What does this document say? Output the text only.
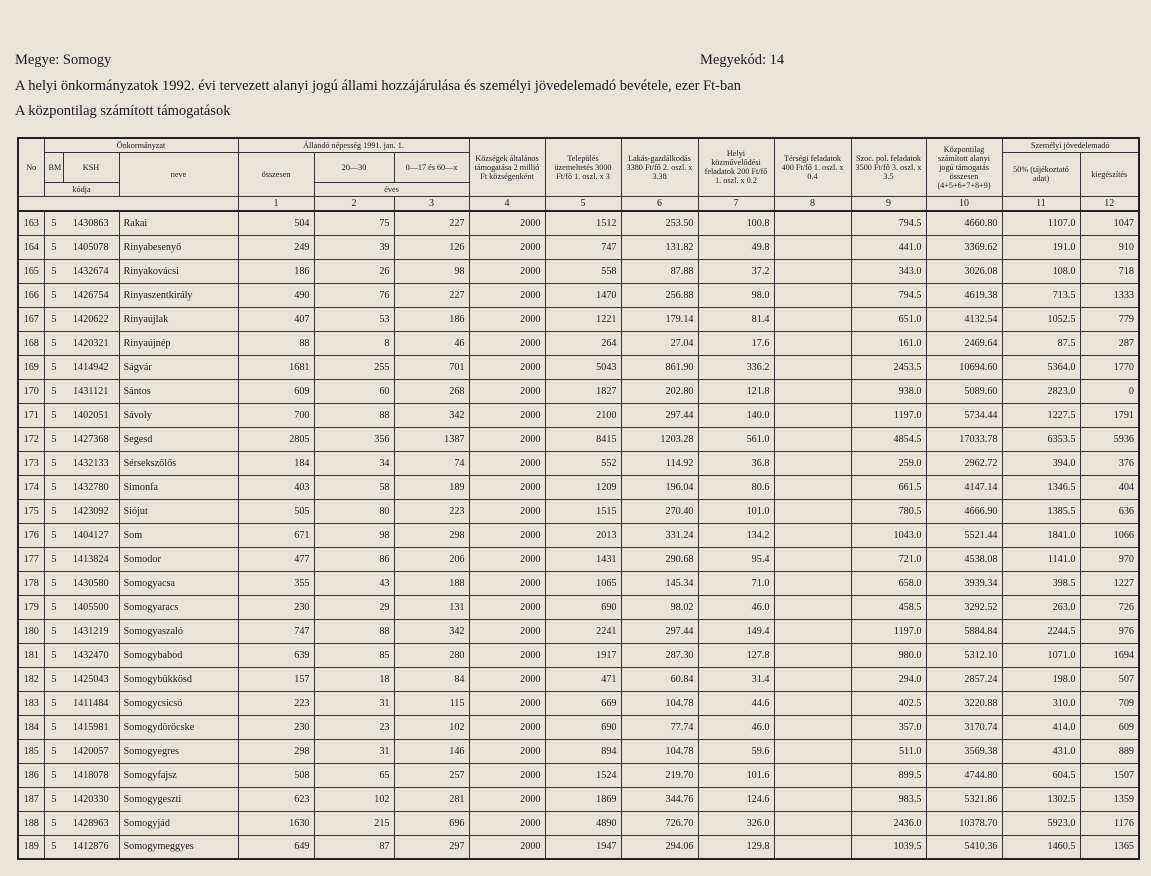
Megye: Somogy	Megyekód: 14
A helyi önkormányzatok 1992. évi tervezett alanyi jogú állami hozzájárulása és személyi jövedelemadó bevétele, ezer Ft-ban
A központilag számított támogatások
No	Önkormányzat			Állandó népesség 1991. jan. 1.			Községek általános támogatása 2 millió Ft községenként	Település üzemeltetés 3000 Ft/fő 1. oszl. x 3	Lakás-gazdálkodás 3380 Ft/fő 2. oszl. x 3.38	Helyi közművelődési feladatok 200 Ft/fő 1. oszl. x 0.2	Térségi feladatok 400 Ft/fő 1. oszl. x 0.4	Szoc. pol. feladatok 3500 Ft/fő 3. oszl. x 3.5	Központilag számított alanyi jogú támogatás összesen (4+5+6+7+8+9)	Személyi jövedelemadó	
	BM	KSH	neve	összesen	20—30	0—17 és 60—x								50% (tájékoztató adat)	kiegészítés
	kódja				éves										
				1	2	3	4	5	6	7	8	9	10	11	12
163	5	1430863	Rakai	504	75	227	2000	1512	253.50	100.8		794.5	4660.80	1107.0	1047
164	5	1405078	Rinyabesenyő	249	39	126	2000	747	131.82	49.8		441.0	3369.62	191.0	910
165	5	1432674	Rinyakovácsi	186	26	98	2000	558	87.88	37.2		343.0	3026.08	108.0	718
166	5	1426754	Rinyaszentkirály	490	76	227	2000	1470	256.88	98.0		794.5	4619.38	713.5	1333
167	5	1420622	Rinyaújlak	407	53	186	2000	1221	179.14	81.4		651.0	4132.54	1052.5	779
168	5	1420321	Rinyaújnép	88	8	46	2000	264	27.04	17.6		161.0	2469.64	87.5	287
169	5	1414942	Ságvár	1681	255	701	2000	5043	861.90	336.2		2453.5	10694.60	5364.0	1770
170	5	1431121	Sántos	609	60	268	2000	1827	202.80	121.8		938.0	5089.60	2823.0	0
171	5	1402051	Sávoly	700	88	342	2000	2100	297.44	140.0		1197.0	5734.44	1227.5	1791
172	5	1427368	Segesd	2805	356	1387	2000	8415	1203.28	561.0		4854.5	17033.78	6353.5	5936
173	5	1432133	Sérsekszőlős	184	34	74	2000	552	114.92	36.8		259.0	2962.72	394.0	376
174	5	1432780	Simonfa	403	58	189	2000	1209	196.04	80.6		661.5	4147.14	1346.5	404
175	5	1423092	Siójut	505	80	223	2000	1515	270.40	101.0		780.5	4666.90	1385.5	636
176	5	1404127	Som	671	98	298	2000	2013	331.24	134.2		1043.0	5521.44	1841.0	1066
177	5	1413824	Somodor	477	86	206	2000	1431	290.68	95.4		721.0	4538.08	1141.0	970
178	5	1430580	Somogyacsa	355	43	188	2000	1065	145.34	71.0		658.0	3939.34	398.5	1227
179	5	1405500	Somogyaracs	230	29	131	2000	690	98.02	46.0		458.5	3292.52	263.0	726
180	5	1431219	Somogyaszaló	747	88	342	2000	2241	297.44	149.4		1197.0	5884.84	2244.5	976
181	5	1432470	Somogybabod	639	85	280	2000	1917	287.30	127.8		980.0	5312.10	1071.0	1694
182	5	1425043	Somogybükkösd	157	18	84	2000	471	60.84	31.4		294.0	2857.24	198.0	507
183	5	1411484	Somogycsicsó	223	31	115	2000	669	104.78	44.6		402.5	3220.88	310.0	709
184	5	1415981	Somogydöröcske	230	23	102	2000	690	77.74	46.0		357.0	3170.74	414.0	609
185	5	1420057	Somogyegres	298	31	146	2000	894	104.78	59.6		511.0	3569.38	431.0	889
186	5	1418078	Somogyfajsz	508	65	257	2000	1524	219.70	101.6		899.5	4744.80	604.5	1507
187	5	1420330	Somogygeszti	623	102	281	2000	1869	344.76	124.6		983.5	5321.86	1302.5	1359
188	5	1428963	Somogyjád	1630	215	696	2000	4890	726.70	326.0		2436.0	10378.70	5923.0	1176
189	5	1412876	Somogymeggyes	649	87	297	2000	1947	294.06	129.8		1039.5	5410.36	1460.5	1365
